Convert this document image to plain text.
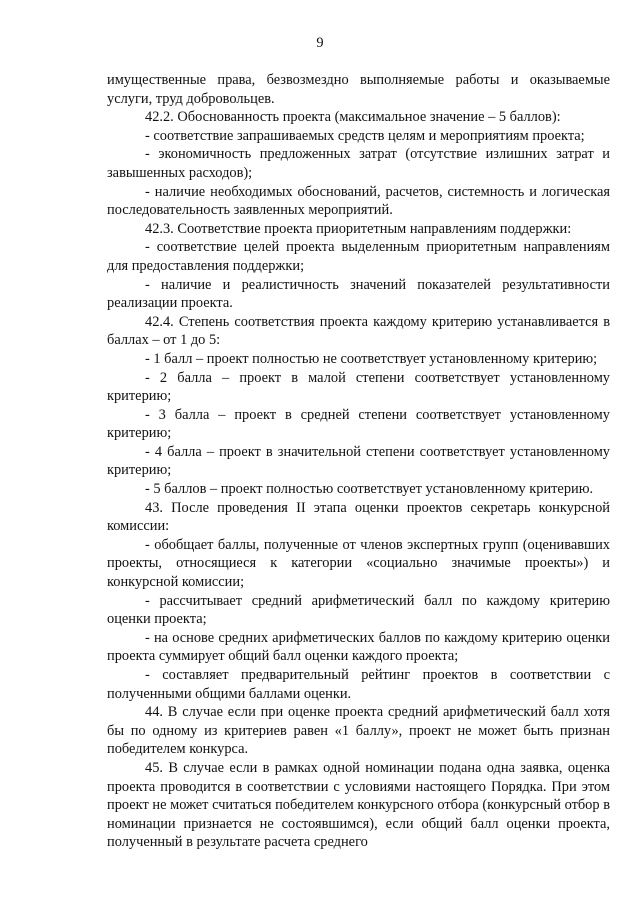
9

имущественные права, безвозмездно выполняемые работы и оказываемые услуги, труд добровольцев.

42.2. Обоснованность проекта (максимальное значение – 5 баллов):

- соответствие запрашиваемых средств целям и мероприятиям проекта;

- экономичность предложенных затрат (отсутствие излишних затрат и завышенных расходов);

- наличие необходимых обоснований, расчетов, системность и логическая последовательность заявленных мероприятий.

42.3. Соответствие проекта приоритетным направлениям поддержки:

- соответствие целей проекта выделенным приоритетным направлениям для предоставления поддержки;

- наличие и реалистичность значений показателей результативности реализации проекта.

42.4. Степень соответствия проекта каждому критерию устанавливается в баллах – от 1 до 5:

- 1 балл – проект полностью не соответствует установленному критерию;

- 2 балла – проект в малой степени соответствует установленному критерию;

- 3 балла – проект в средней степени соответствует установленному критерию;

- 4 балла – проект в значительной степени соответствует установленному критерию;

- 5 баллов – проект полностью соответствует установленному критерию.

43. После проведения II этапа оценки проектов секретарь конкурсной комиссии:

- обобщает баллы, полученные от членов экспертных групп (оценивавших проекты, относящиеся к категории «социально значимые проекты») и конкурсной комиссии;

- рассчитывает средний арифметический балл по каждому критерию оценки проекта;

- на основе средних арифметических баллов по каждому критерию оценки проекта суммирует общий балл оценки каждого проекта;

- составляет предварительный рейтинг проектов в соответствии с полученными общими баллами оценки.

44. В случае если при оценке проекта средний арифметический балл хотя бы по одному из критериев равен «1 баллу», проект не может быть признан победителем конкурса.

45. В случае если в рамках одной номинации подана одна заявка, оценка проекта проводится в соответствии с условиями настоящего Порядка. При этом проект не может считаться победителем конкурсного отбора (конкурсный отбор в номинации признается не состоявшимся), если общий балл оценки проекта, полученный в результате расчета среднего
